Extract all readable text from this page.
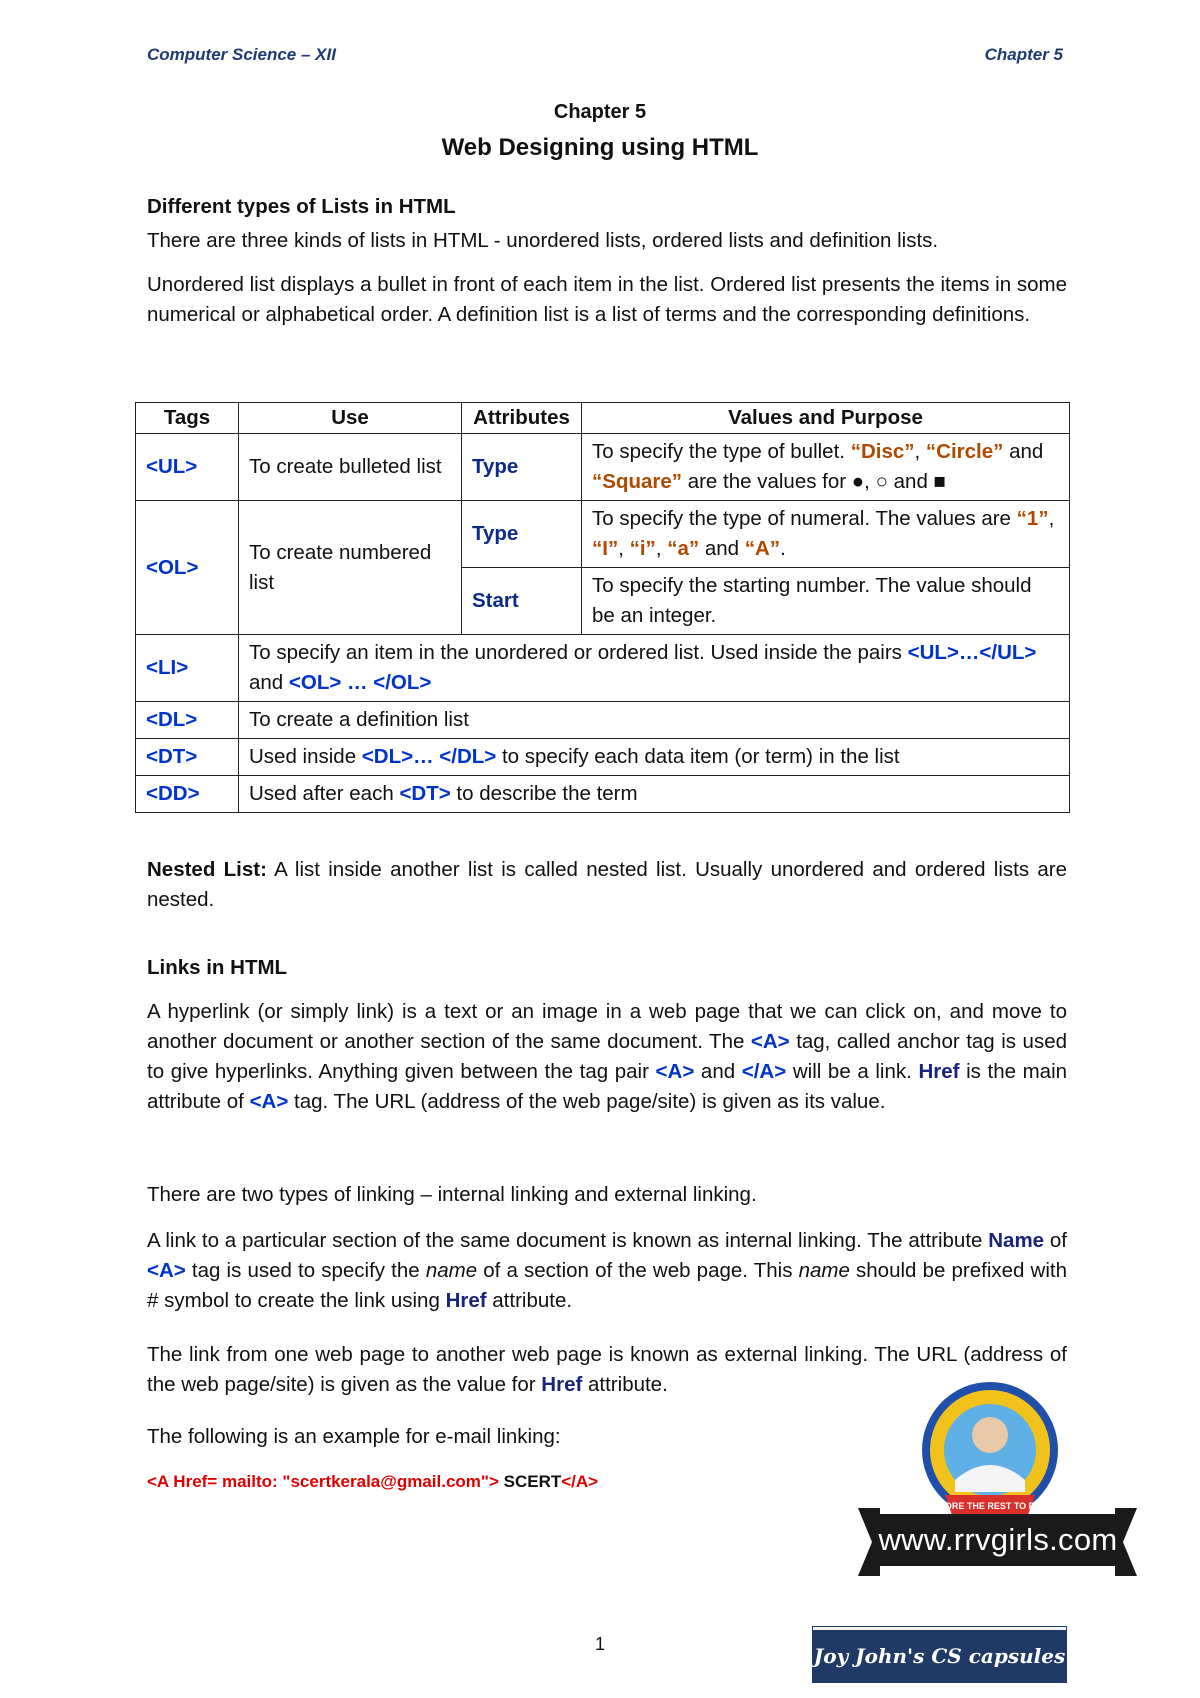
Computer Science – XII	Chapter 5
Chapter 5
Web Designing using HTML
Different types of Lists in HTML
There are three kinds of lists in HTML - unordered lists, ordered lists and definition lists.
Unordered list displays a bullet in front of each item in the list. Ordered list presents the items in some numerical or alphabetical order. A definition list is a list of terms and the corresponding definitions.
Tags	Use	Attributes	Values and Purpose
<UL>	To create bulleted list	Type	To specify the type of bullet. “Disc”, “Circle” and “Square” are the values for ●, ○ and ■
<OL>	To create numbered list	Type	To specify the type of numeral. The values are “1”, “I”, “i”, “a” and “A”.
		Start	To specify the starting number. The value should be an integer.
<LI>	To specify an item in the unordered or ordered list. Used inside the pairs <UL>…</UL> and <OL> … </OL>		
<DL>	To create a definition list		
<DT>	Used inside <DL>… </DL> to specify each data item (or term) in the list		
<DD>	Used after each <DT> to describe the term		
Nested List: A list inside another list is called nested list. Usually unordered and ordered lists are nested.
Links in HTML
A hyperlink (or simply link) is a text or an image in a web page that we can click on, and move to another document or another section of the same document. The <A> tag, called anchor tag is used to give hyperlinks. Anything given between the tag pair <A> and </A> will be a link. Href is the main attribute of <A> tag. The URL (address of the web page/site) is given as its value.
There are two types of linking – internal linking and external linking.
A link to a particular section of the same document is known as internal linking. The attribute Name of <A> tag is used to specify the name of a section of the web page. This name should be prefixed with # symbol to create the link using Href attribute.
The link from one web page to another web page is known as external linking. The URL (address of the web page/site) is given as the value for Href attribute.
The following is an example for e-mail linking:
<A Href= mailto: "scertkerala@gmail.com"> SCERT</A>
EXPLORE THE REST TO EXCEL
www.rrvgirls.com
1	Joy John's CS capsules
